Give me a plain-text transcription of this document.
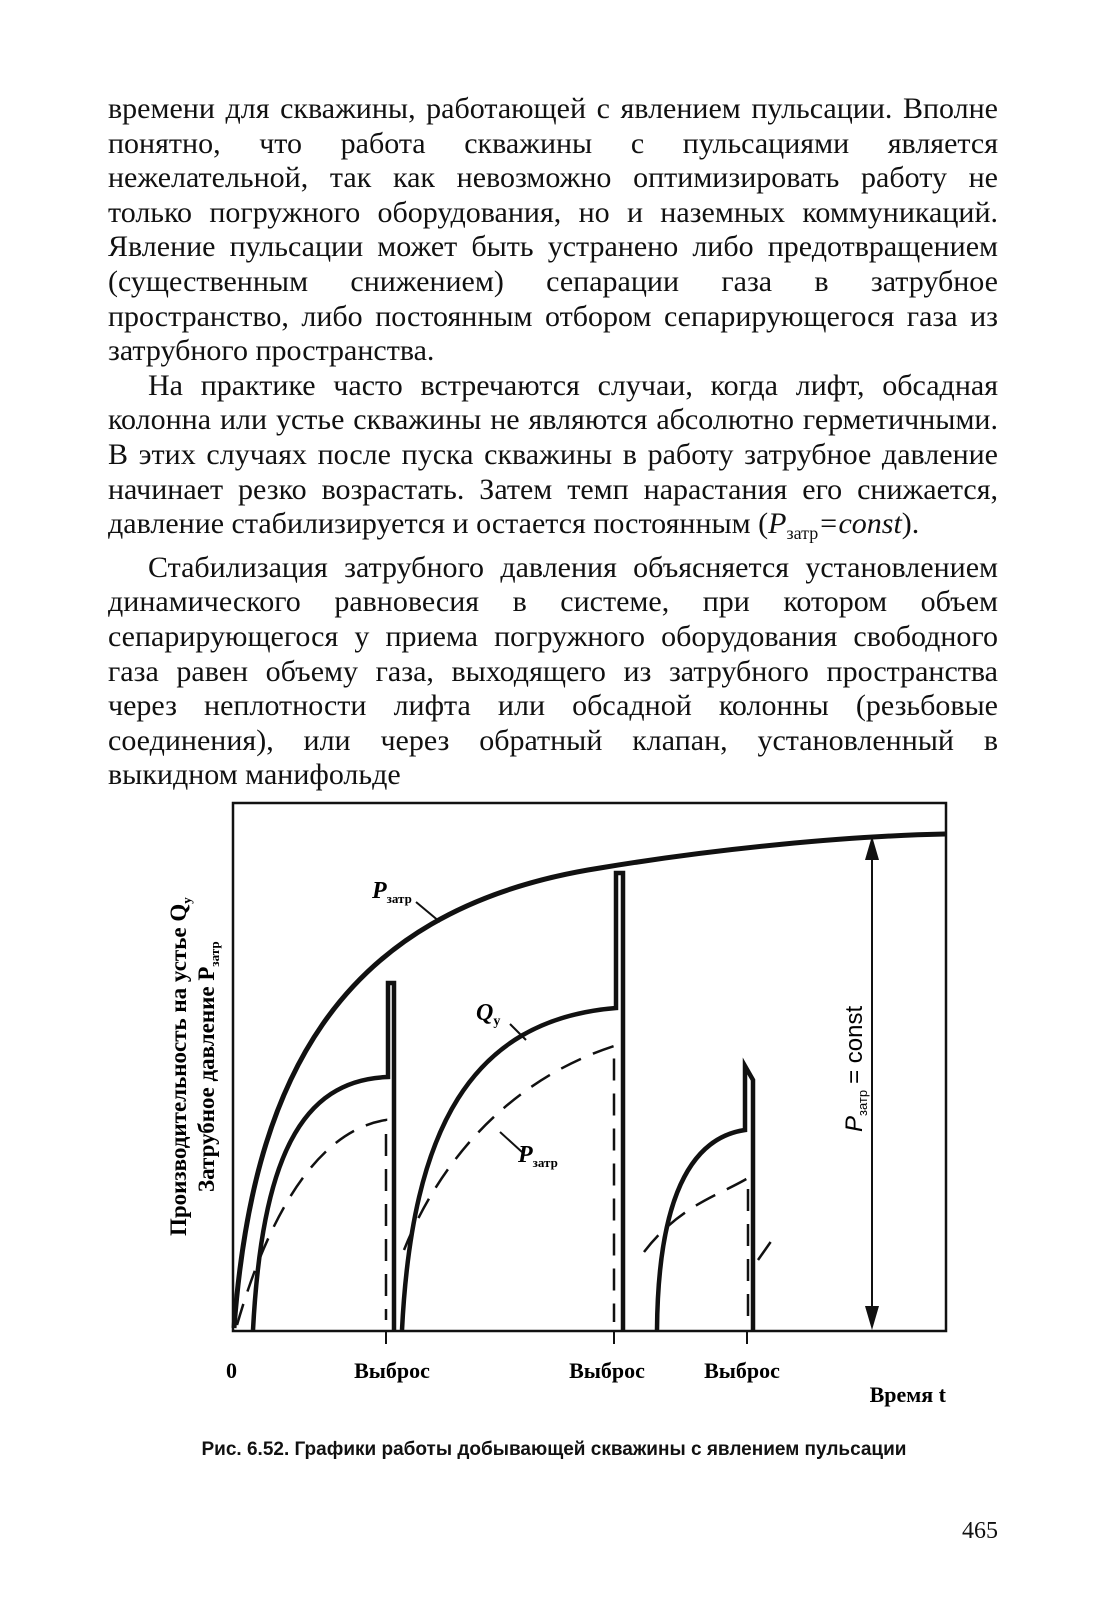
времени для скважины, работающей с явлением пульсации. Вполне понятно, что работа скважины с пульсациями является нежелательной, так как невозможно оптимизировать работу не только погружного оборудования, но и наземных коммуникаций. Явление пульсации может быть устранено либо предотвращением (существенным снижением) сепарации газа в затрубное пространство, либо постоянным отбором сепарирующегося газа из затрубного пространства.

На практике часто встречаются случаи, когда лифт, обсадная колонна или устье скважины не являются абсолютно герметичными. В этих случаях после пуска скважины в работу затрубное давление начинает резко возрастать. Затем темп нарастания его снижается, давление стабилизируется и остается постоянным $(P_{затр}=const)$.

Стабилизация затрубного давления объясняется установлением динамического равновесия в системе, при котором объем сепарирующегося у приема погружного оборудования свободного газа равен объему газа, выходящего из затрубного пространства через неплотности лифта или обсадной колонны (резьбовые соединения), или через обратный клапан, установленный в выкидном манифольде

$P_{затр}$
$Q_у$
$P_{затр}$
$P_{затр}=$ const
Производительность на устье $Q_у$
Затрубное давление $P_{затр}$
0	Выброс	Выброс	Выброс
Время t
Рис. 6.52. Графики работы добывающей скважины с явлением пульсации
465
